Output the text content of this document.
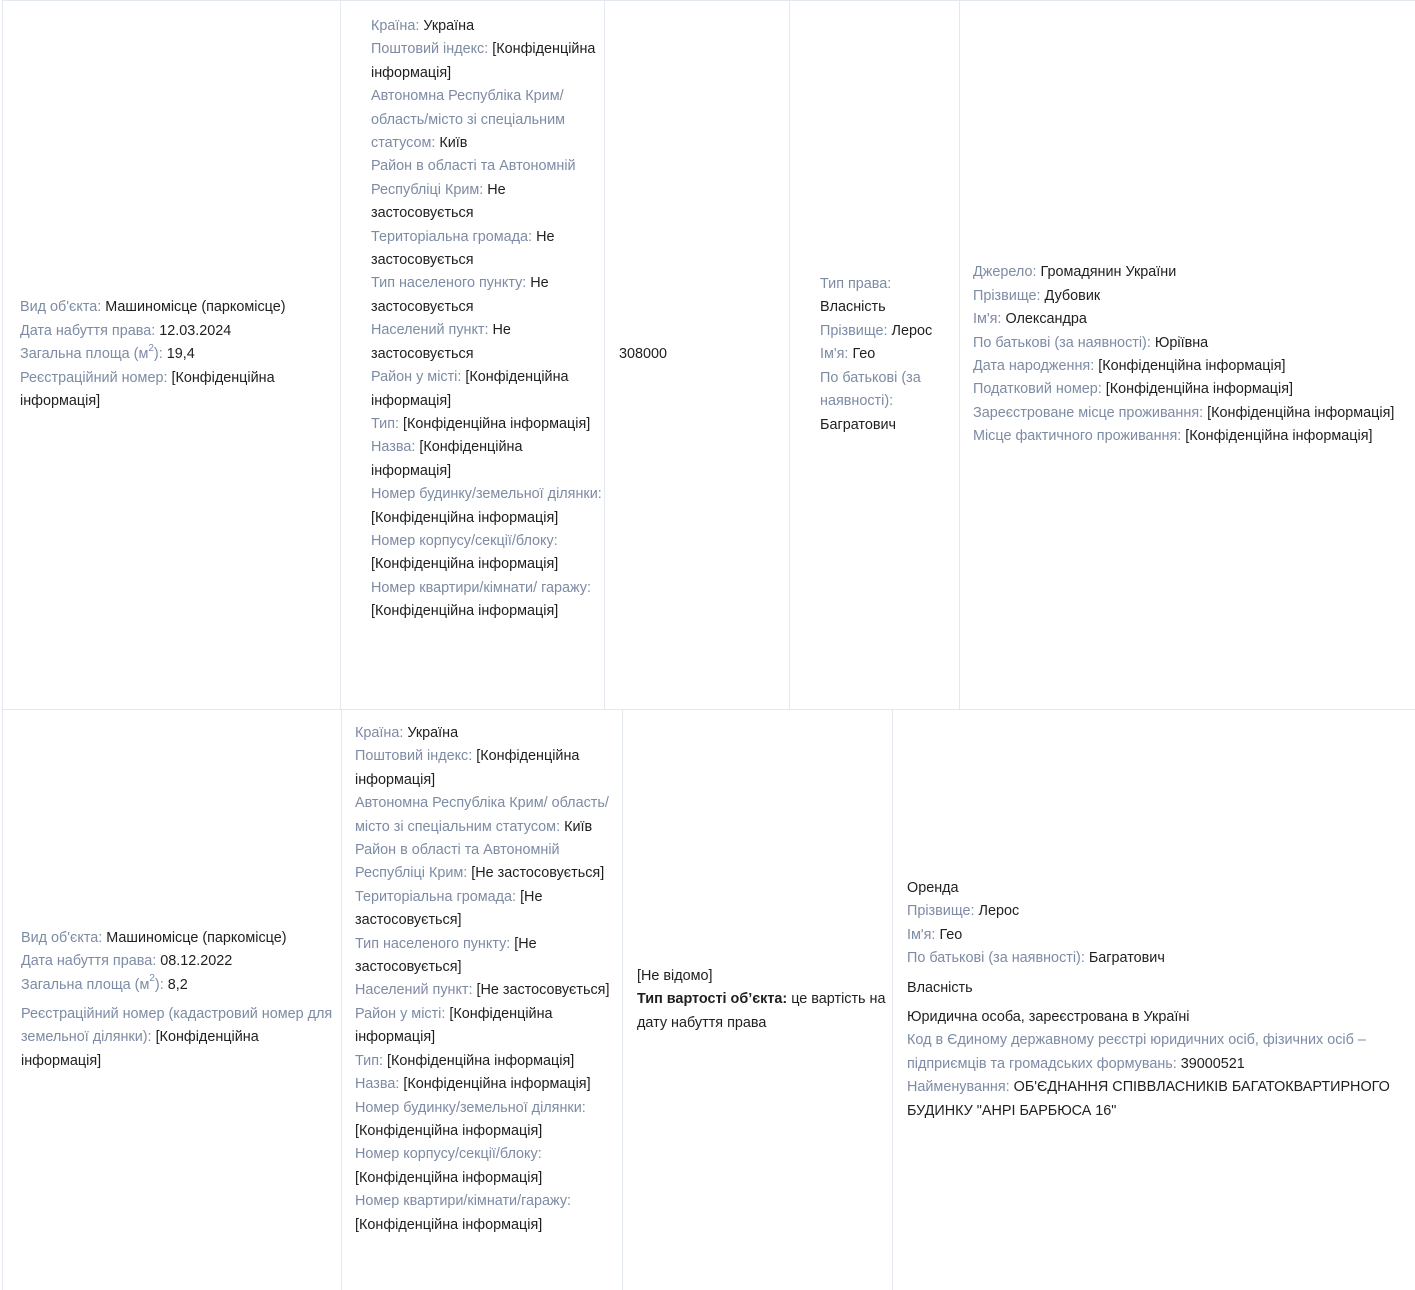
Вид об'єкта: Машиномісце (паркомісце)
Дата набуття права: 12.03.2024
Загальна площа $(м^2)$: 19,4
Реєстраційний номер: [Конфіденційна інформація]
Країна: Україна
Поштовий індекс: [Конфіденційна інформація]
Автономна Республіка Крим/ область/місто зі спеціальним статусом: Київ
Район в області та Автономній Республіці Крим: Не застосовується
Територіальна громада: Не застосовується
Тип населеного пункту: Не застосовується
Населений пункт: Не застосовується
Район у місті: [Конфіденційна інформація]
Тип: [Конфіденційна інформація]
Назва: [Конфіденційна інформація]
Номер будинку/земельної ділянки: [Конфіденційна інформація]
Номер корпусу/секції/блоку: [Конфіденційна інформація]
Номер квартири/кімнати/ гаражу: [Конфіденційна інформація]
308000
Тип права: Власність
Прізвище: Лерос
Ім'я: Гео
По батькові (за наявності): Багратович
Джерело: Громадянин України
Прізвище: Дубовик
Ім'я: Олександра
По батькові (за наявності): Юріївна
Дата народження: [Конфіденційна інформація]
Податковий номер: [Конфіденційна інформація]
Зареєстроване місце проживання: [Конфіденційна інформація]
Місце фактичного проживання: [Конфіденційна інформація]
Вид об'єкта: Машиномісце (паркомісце)
Дата набуття права: 08.12.2022
Загальна площа $(м^2)$: 8,2
Реєстраційний номер (кадастровий номер для земельної ділянки): [Конфіденційна інформація]
Країна: Україна
Поштовий індекс: [Конфіденційна інформація]
Автономна Республіка Крим/ область/місто зі спеціальним статусом: Київ
Район в області та Автономній Республіці Крим: [Не застосовується]
Територіальна громада: [Не застосовується]
Тип населеного пункту: [Не застосовується]
Населений пункт: [Не застосовується]
Район у місті: [Конфіденційна інформація]
Тип: [Конфіденційна інформація]
Назва: [Конфіденційна інформація]
Номер будинку/земельної ділянки: [Конфіденційна інформація]
Номер корпусу/секції/блоку: [Конфіденційна інформація]
Номер квартири/кімнати/гаражу: [Конфіденційна інформація]
[Не відомо]
Тип вартості об’єкта: це вартість на дату набуття права
Оренда
Прізвище: Лерос
Ім'я: Гео
По батькові (за наявності): Багратович
Власність
Юридична особа, зареєстрована в Україні
Код в Єдиному державному реєстрі юридичних осіб, фізичних осіб – підприємців та громадських формувань: 39000521
Найменування: ОБ'ЄДНАННЯ СПІВВЛАСНИКІВ БАГАТОКВАРТИРНОГО БУДИНКУ "АНРІ БАРБЮСА 16"
